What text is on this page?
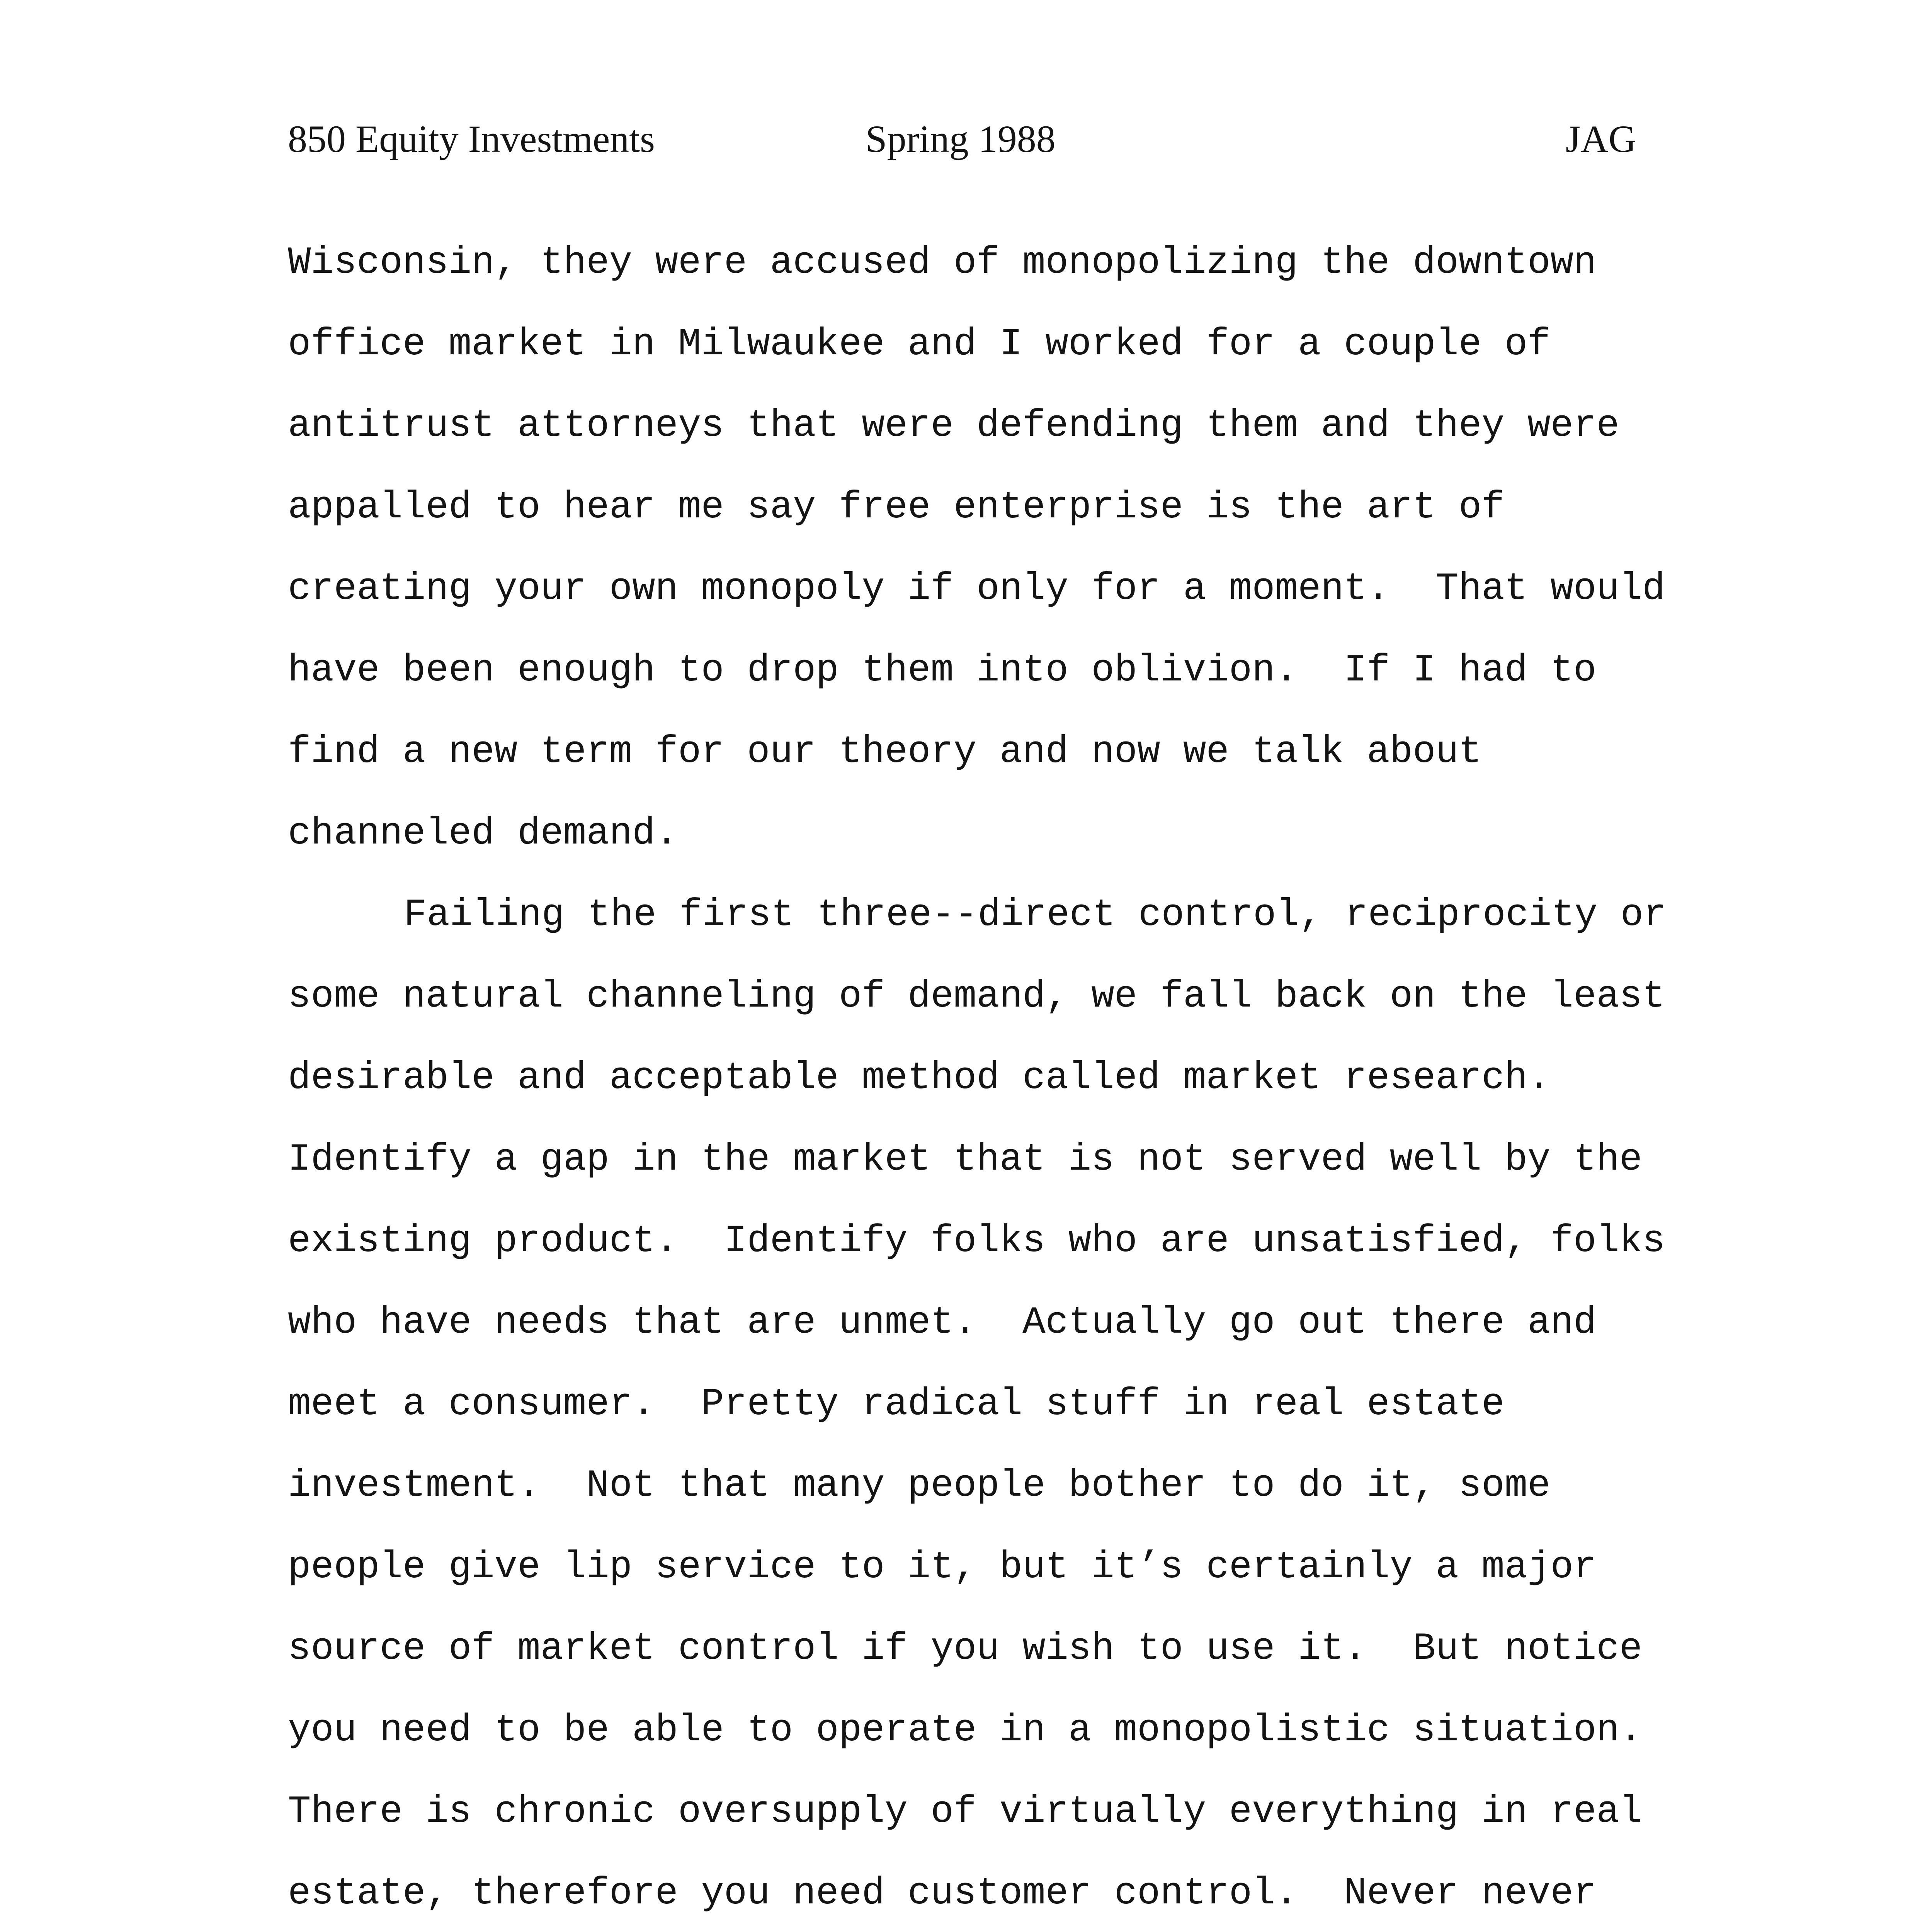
850 Equity Investments	Spring 1988	JAG
Wisconsin, they were accused of monopolizing the downtown
office market in Milwaukee and I worked for a couple of
antitrust attorneys that were defending them and they were
appalled to hear me say free enterprise is the art of
creating your own monopoly if only for a moment.  That would
have been enough to drop them into oblivion.  If I had to
find a new term for our theory and now we talk about
channeled demand.
Failing the first three--direct control, reciprocity or
some natural channeling of demand, we fall back on the least
desirable and acceptable method called market research.
Identify a gap in the market that is not served well by the
existing product.  Identify folks who are unsatisfied, folks
who have needs that are unmet.  Actually go out there and
meet a consumer.  Pretty radical stuff in real estate
investment.  Not that many people bother to do it, some
people give lip service to it, but it’s certainly a major
source of market control if you wish to use it.  But notice
you need to be able to operate in a monopolistic situation.
There is chronic oversupply of virtually everything in real
estate, therefore you need customer control.  Never never
